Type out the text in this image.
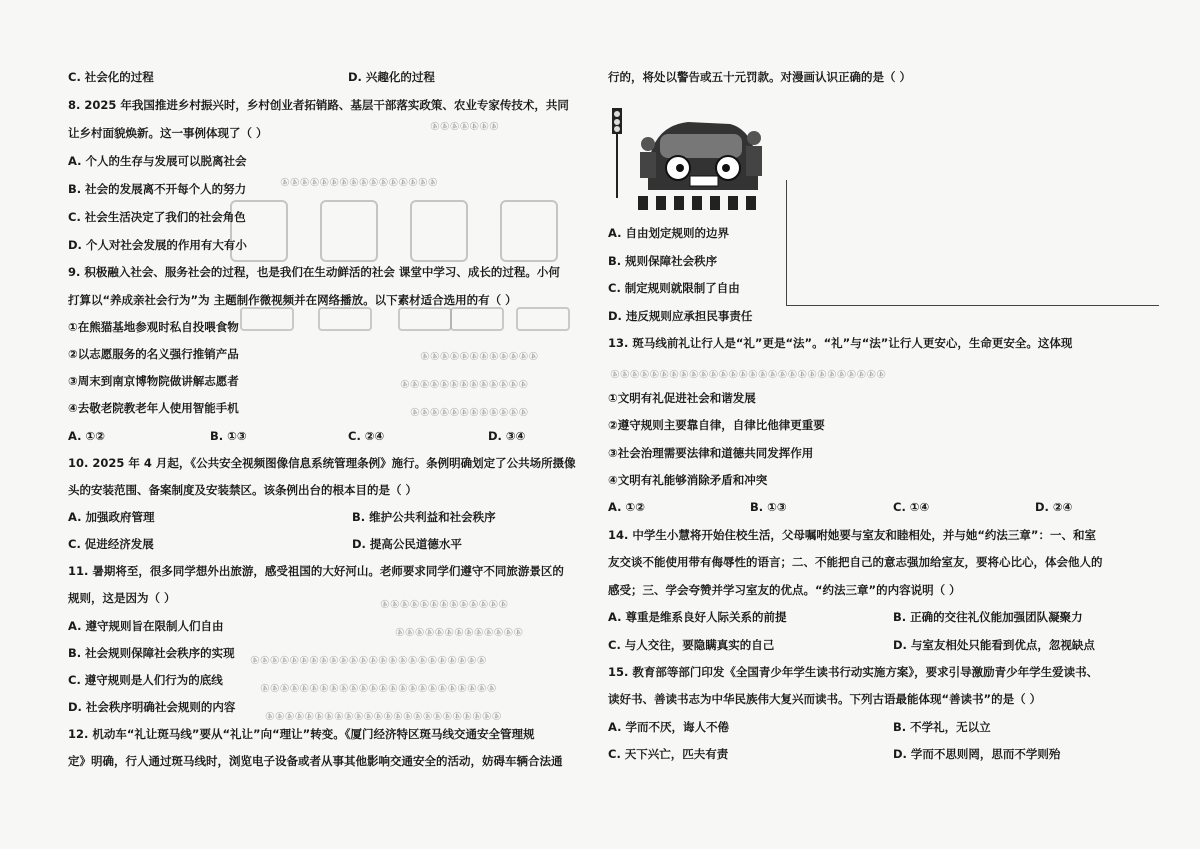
④④④④④④④
④④④④④④④④④④④④④④④④
④④④④④④④④④④④④
④④④④④④④④④④④④④
④④④④④④④④④④④④
④④④④④④④④④④④④④
④④④④④④④④④④④④④
④④④④④④④④④④④④④④④④④④④④④④④④
④④④④④④④④④④④④④④④④④④④④④④④④
④④④④④④④④④④④④④④④④④④④④④④④④
④④④④④④④④④④④④④④④④④④④④④④④④④④④④
C. 社会化的过程	D. 兴趣化的过程
8. 2025 年我国推进乡村振兴时，乡村创业者拓销路、基层干部落实政策、农业专家传技术，共同
让乡村面貌焕新。这一事例体现了（ ）
A. 个人的生存与发展可以脱离社会
B. 社会的发展离不开每个人的努力
C. 社会生活决定了我们的社会角色
D. 个人对社会发展的作用有大有小
9. 积极融入社会、服务社会的过程，也是我们在生动鲜活的社会 课堂中学习、成长的过程。小何
打算以“养成亲社会行为”为 主题制作微视频并在网络播放。以下素材适合选用的有（ ）
①在熊猫基地参观时私自投喂食物
②以志愿服务的名义强行推销产品
③周末到南京博物院做讲解志愿者
④去敬老院教老年人使用智能手机
A. ①②	B. ①③	C. ②④	D. ③④
10. 2025 年 4 月起，《公共安全视频图像信息系统管理条例》施行。条例明确划定了公共场所摄像
头的安装范围、备案制度及安装禁区。该条例出台的根本目的是（ ）
A. 加强政府管理	B. 维护公共利益和社会秩序
C. 促进经济发展	D. 提高公民道德水平
11. 暑期将至，很多同学想外出旅游，感受祖国的大好河山。老师要求同学们遵守不同旅游景区的
规则，这是因为（ ）
A. 遵守规则旨在限制人们自由
B. 社会规则保障社会秩序的实现
C. 遵守规则是人们行为的底线
D. 社会秩序明确社会规则的内容
12. 机动车“礼让斑马线”要从“礼让”向“理让”转变。《厦门经济特区斑马线交通安全管理规
定》明确，行人通过斑马线时，浏览电子设备或者从事其他影响交通安全的活动，妨碍车辆合法通
行的，将处以警告或五十元罚款。对漫画认识正确的是（ ）
A. 自由划定规则的边界
B. 规则保障社会秩序
C. 制定规则就限制了自由
D. 违反规则应承担民事责任
13. 斑马线前礼让行人是“礼”更是“法”。“礼”与“法”让行人更安心，生命更安全。这体现
①文明有礼促进社会和谐发展
②遵守规则主要靠自律，自律比他律更重要
③社会治理需要法律和道德共同发挥作用
④文明有礼能够消除矛盾和冲突
A. ①②	B. ①③	C. ①④	D. ②④
14. 中学生小慧将开始住校生活，父母嘱咐她要与室友和睦相处，并与她“约法三章”：一、和室
友交谈不能使用带有侮辱性的语言；二、不能把自己的意志强加给室友，要将心比心，体会他人的
感受；三、学会夸赞并学习室友的优点。“约法三章”的内容说明（ ）
A. 尊重是维系良好人际关系的前提	B. 正确的交往礼仪能加强团队凝聚力
C. 与人交往，要隐瞒真实的自己	D. 与室友相处只能看到优点，忽视缺点
15. 教育部等部门印发《全国青少年学生读书行动实施方案》，要求引导激励青少年学生爱读书、
读好书、善读书志为中华民族伟大复兴而读书。下列古语最能体现“善读书”的是（ ）
A. 学而不厌，诲人不倦	B. 不学礼，无以立
C. 天下兴亡，匹夫有责	D. 学而不思则罔，思而不学则殆
